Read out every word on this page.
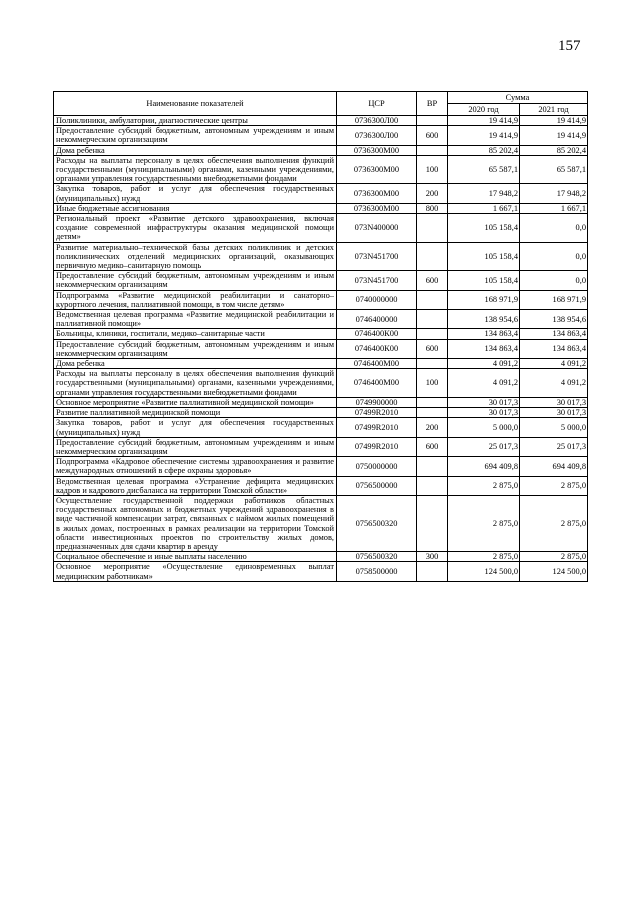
157
Наименование показателей	ЦСР	ВР	Сумма	
			2020 год	2021 год
Поликлиники, амбулатории, диагностические центры	0736300Л00		19 414,9	19 414,9
Предоставление субсидий бюджетным, автономным учреждениям и иным некоммерческим организациям	0736300Л00	600	19 414,9	19 414,9
Дома ребенка	0736300М00		85 202,4	85 202,4
Расходы на выплаты персоналу в целях обеспечения выполнения функций государственными (муниципальными) органами, казенными учреждениями, органами управления государственными внебюджетными фондами	0736300М00	100	65 587,1	65 587,1
Закупка товаров, работ и услуг для обеспечения государственных (муниципальных) нужд	0736300М00	200	17 948,2	17 948,2
Иные бюджетные ассигнования	0736300М00	800	1 667,1	1 667,1
Региональный проект «Развитие детского здравоохранения, включая создание современной инфраструктуры оказания медицинской помощи детям»	073N400000		105 158,4	0,0
Развитие материально–технической базы детских поликлиник и детских поликлинических отделений медицинских организаций, оказывающих первичную медико–санитарную помощь	073N451700		105 158,4	0,0
Предоставление субсидий бюджетным, автономным учреждениям и иным некоммерческим организациям	073N451700	600	105 158,4	0,0
Подпрограмма «Развитие медицинской реабилитации и санаторно–курортного лечения, паллиативной помощи, в том числе детям»	0740000000		168 971,9	168 971,9
Ведомственная целевая программа «Развитие медицинской реабилитации и паллиативной помощи»	0746400000		138 954,6	138 954,6
Больницы, клиники, госпитали, медико–санитарные части	0746400К00		134 863,4	134 863,4
Предоставление субсидий бюджетным, автономным учреждениям и иным некоммерческим организациям	0746400К00	600	134 863,4	134 863,4
Дома ребенка	0746400М00		4 091,2	4 091,2
Расходы на выплаты персоналу в целях обеспечения выполнения функций государственными (муниципальными) органами, казенными учреждениями, органами управления государственными внебюджетными фондами	0746400М00	100	4 091,2	4 091,2
Основное мероприятие «Развитие паллиативной медицинской помощи»	0749900000		30 017,3	30 017,3
Развитие паллиативной медицинской помощи	07499R2010		30 017,3	30 017,3
Закупка товаров, работ и услуг для обеспечения государственных (муниципальных) нужд	07499R2010	200	5 000,0	5 000,0
Предоставление субсидий бюджетным, автономным учреждениям и иным некоммерческим организациям	07499R2010	600	25 017,3	25 017,3
Подпрограмма «Кадровое обеспечение системы здравоохранения и развитие международных отношений в сфере охраны здоровья»	0750000000		694 409,8	694 409,8
Ведомственная целевая программа «Устранение дефицита медицинских кадров и кадрового дисбаланса на территории Томской области»	0756500000		2 875,0	2 875,0
Осуществление государственной поддержки работников областных государственных автономных и бюджетных учреждений здравоохранения в виде частичной компенсации затрат, связанных с наймом жилых помещений в жилых домах, построенных в рамках реализации на территории Томской области инвестиционных проектов по строительству жилых домов, предназначенных для сдачи квартир в аренду	0756500320		2 875,0	2 875,0
Социальное обеспечение и иные выплаты населению	0756500320	300	2 875,0	2 875,0
Основное мероприятие «Осуществление единовременных выплат медицинским работникам»	0758500000		124 500,0	124 500,0
